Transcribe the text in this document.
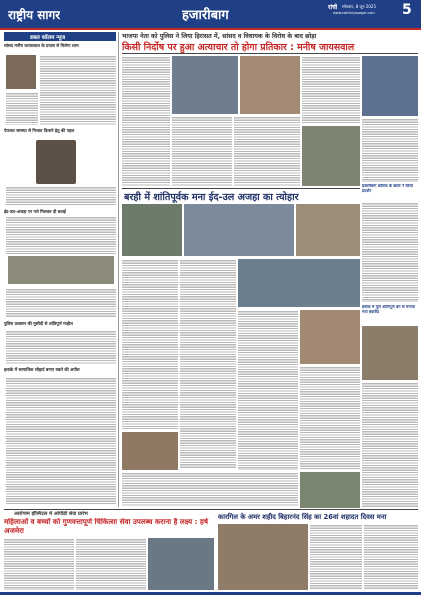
राष्ट्रीय सागर	हजारीबाग
रांची सोमवार, 8 जून 2025
www.rashtriyasagar.com 5
डबल कॉलम न्यूज
सांसद मनीष जायसवाल के प्रयास से मिलेगा लाभ
पेयजल समस्या से निजात दिलाने हेतु की पहल
ईद-उल-अजहा पर गले मिलकर दी बधाई
पुलिस प्रशासन की मुस्तैदी से शांतिपूर्ण माहौल
इलाके में सामाजिक सौहार्द बनाए रखने की अपील
भाजपा नेता को पुलिस ने लिया हिरासत में, सांसद व विधायक के विरोध के बाद छोड़ा
किसी निर्दोष पर हुआ अत्याचार तो होगा प्रतिकार : मनीष जायसवाल
हजारीबाग कॉलेज के छात्रों ने किया प्रदर्शन
इचाक में पूर्ण शांतिपूर्ण ढंग से मनाया गया बकरीद
बरही में शांतिपूर्वक मना ईद-उल अजहा का त्योहार
आरोग्यम हॉस्पिटल में ओपीडी सेवा प्रारंभ
महिलाओं व बच्चों को गुणवत्तापूर्ण चिकित्सा सेवा उपलब्ध कराना है लक्ष्य : हर्ष अजमेरा
कारगिल के अमर शहीद बिहारनंद सिंह का 26वां शहादत दिवस मना
